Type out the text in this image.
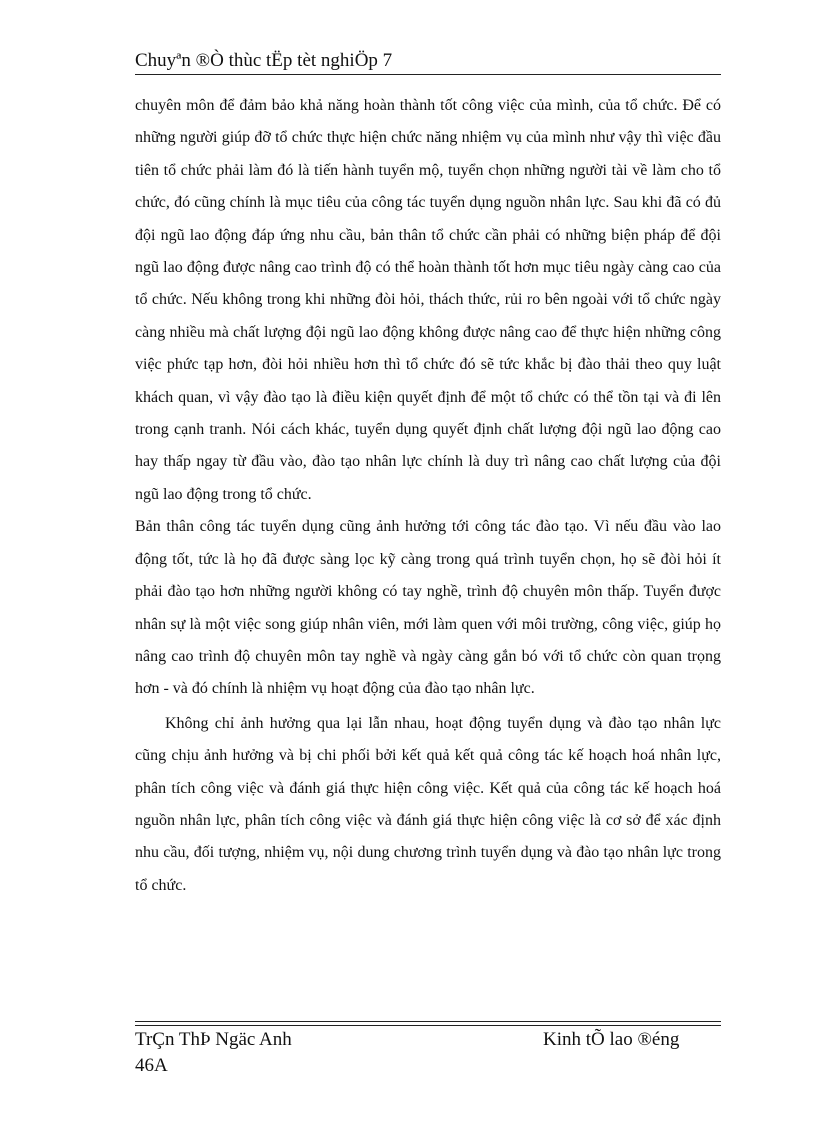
Chuyªn ®Ò thùc tËp tèt nghiÖp 7

chuyên môn để đảm bảo khả năng hoàn thành tốt công việc của mình, của tổ chức. Để có những người giúp đỡ tổ chức thực hiện chức năng nhiệm vụ của mình như vậy thì việc đầu tiên tổ chức phải làm đó là tiến hành tuyển mộ, tuyển chọn những người tài về làm cho tổ chức, đó cũng chính là mục tiêu của công tác tuyển dụng nguồn nhân lực. Sau khi đã có đủ đội ngũ lao động đáp ứng nhu cầu, bản thân tổ chức cần phải có những biện pháp để đội ngũ lao động được nâng cao trình độ có thể hoàn thành tốt hơn mục tiêu ngày càng cao của tổ chức. Nếu không trong khi những đòi hỏi, thách thức, rủi ro bên ngoài với tổ chức ngày càng nhiều mà chất lượng đội ngũ lao động không được nâng cao để thực hiện những công việc phức tạp hơn, đòi hỏi nhiều hơn thì tổ chức đó sẽ tức khắc bị đào thải theo quy luật khách quan, vì vậy đào tạo là điều kiện quyết định để một tổ chức có thể tồn tại và đi lên trong cạnh tranh. Nói cách khác, tuyển dụng quyết định chất lượng đội ngũ lao động cao hay thấp ngay từ đầu vào, đào tạo nhân lực chính là duy trì nâng cao chất lượng của đội ngũ lao động trong tổ chức.

Bản thân công tác tuyển dụng cũng ảnh hưởng tới công tác đào tạo. Vì nếu đầu vào lao động tốt, tức là họ đã được sàng lọc kỹ càng trong quá trình tuyển chọn, họ sẽ đòi hỏi ít phải đào tạo hơn những người không có tay nghề, trình độ chuyên môn thấp. Tuyển được nhân sự là một việc song giúp nhân viên, mới làm quen với môi trường, công việc, giúp họ nâng cao trình độ chuyên môn tay nghề và ngày càng gắn bó với tổ chức còn quan trọng hơn - và đó chính là nhiệm vụ hoạt động của đào tạo nhân lực.

Không chỉ ảnh hưởng qua lại lẫn nhau, hoạt động tuyển dụng và đào tạo nhân lực cũng chịu ảnh hưởng và bị chi phối bởi kết quả kết quả công tác kế hoạch hoá nhân lực, phân tích công việc và đánh giá thực hiện công việc. Kết quả của công tác kế hoạch hoá nguồn nhân lực, phân tích công việc và đánh giá thực hiện công việc là cơ sở để xác định nhu cầu, đối tượng, nhiệm vụ, nội dung chương trình tuyển dụng và đào tạo nhân lực trong tổ chức.

TrÇn ThÞ Ngäc Anh	Kinh tÕ lao ®éng
46A
